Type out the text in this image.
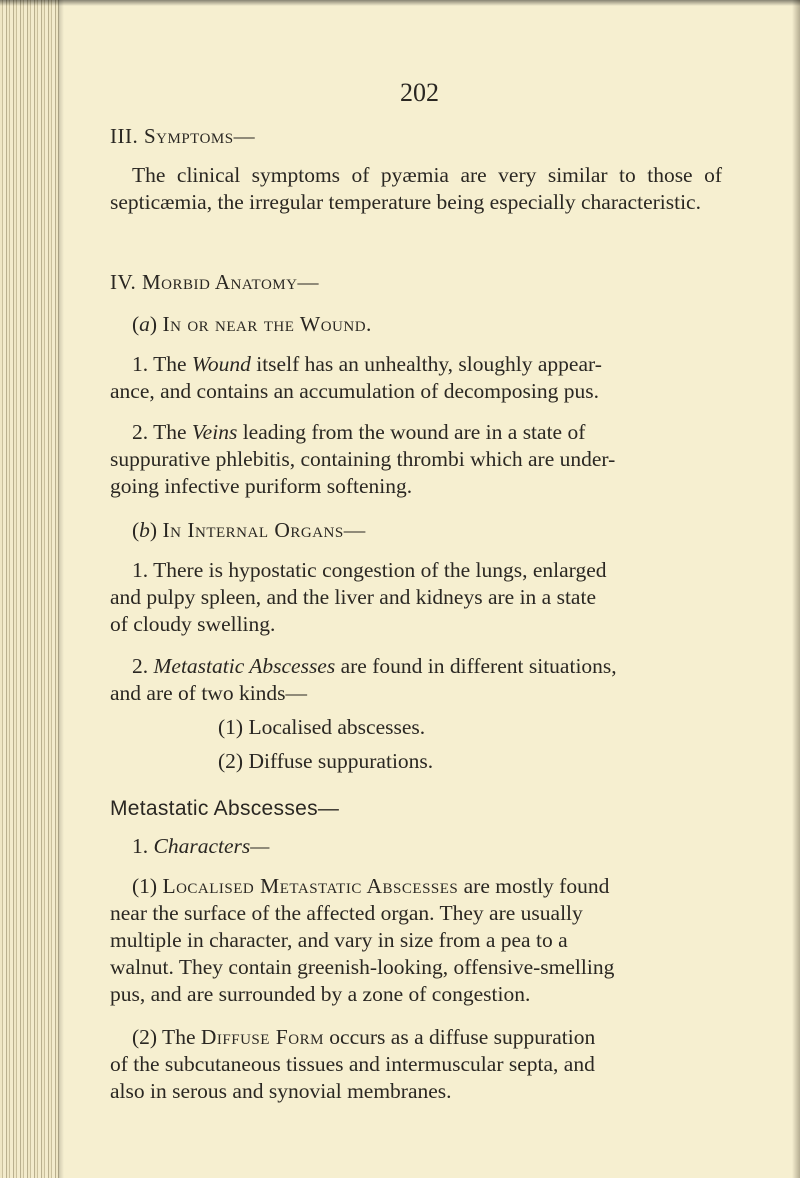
202
III. Symptoms—
The clinical symptoms of pyæmia are very similar to those of septicæmia, the irregular temperature being especially characteristic.
IV. Morbid Anatomy—
(a) In or near the Wound.
1. The Wound itself has an unhealthy, sloughly appear-
ance, and contains an accumulation of decomposing pus.
2. The Veins leading from the wound are in a state of
suppurative phlebitis, containing thrombi which are under-
going infective puriform softening.
(b) In Internal Organs—
1. There is hypostatic congestion of the lungs, enlarged
and pulpy spleen, and the liver and kidneys are in a state
of cloudy swelling.
2. Metastatic Abscesses are found in different situations,
and are of two kinds—
(1) Localised abscesses.
(2) Diffuse suppurations.
Metastatic Abscesses—
1. Characters—
(1) Localised Metastatic Abscesses are mostly found
near the surface of the affected organ. They are usually
multiple in character, and vary in size from a pea to a
walnut. They contain greenish-looking, offensive-smelling
pus, and are surrounded by a zone of congestion.
(2) The Diffuse Form occurs as a diffuse suppuration
of the subcutaneous tissues and intermuscular septa, and
also in serous and synovial membranes.
